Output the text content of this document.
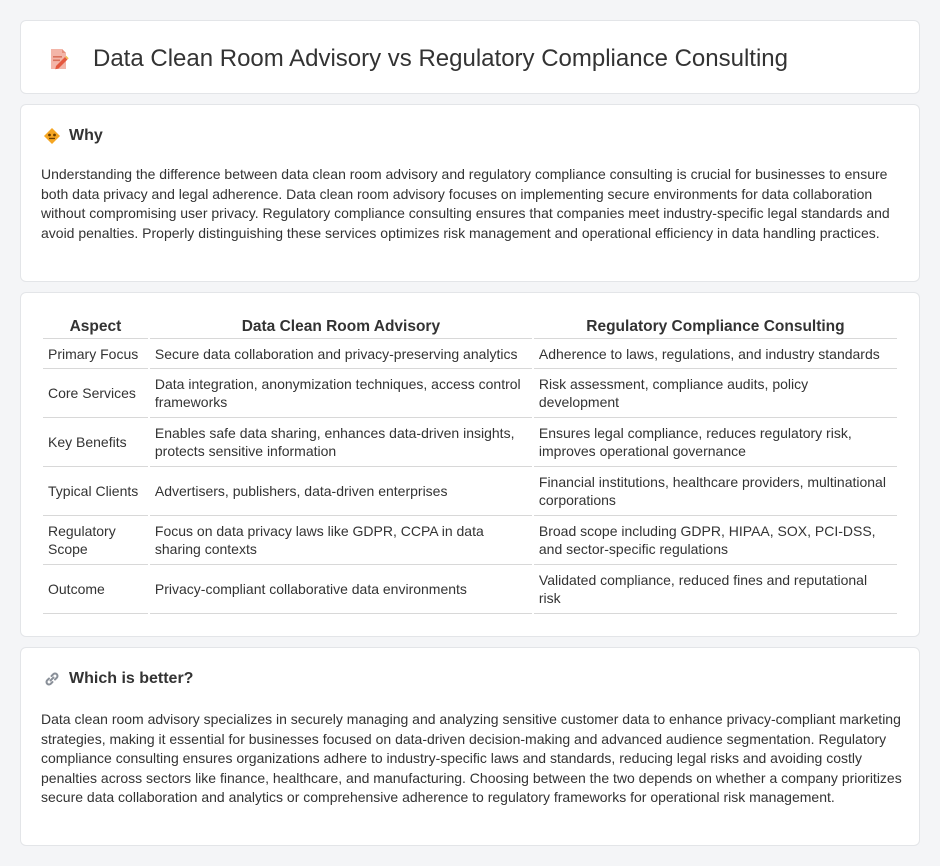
Data Clean Room Advisory vs Regulatory Compliance Consulting
Why

Understanding the difference between data clean room advisory and regulatory compliance consulting is crucial for businesses to ensure both data privacy and legal adherence. Data clean room advisory focuses on implementing secure environments for data collaboration without compromising user privacy. Regulatory compliance consulting ensures that companies meet industry-specific legal standards and avoid penalties. Properly distinguishing these services optimizes risk management and operational efficiency in data handling practices.

Aspect	Data Clean Room Advisory	Regulatory Compliance Consulting
Primary Focus	Secure data collaboration and privacy-preserving analytics	Adherence to laws, regulations, and industry standards
Core Services	Data integration, anonymization techniques, access control frameworks	Risk assessment, compliance audits, policy development
Key Benefits	Enables safe data sharing, enhances data-driven insights, protects sensitive information	Ensures legal compliance, reduces regulatory risk, improves operational governance
Typical Clients	Advertisers, publishers, data-driven enterprises	Financial institutions, healthcare providers, multinational corporations
Regulatory Scope	Focus on data privacy laws like GDPR, CCPA in data sharing contexts	Broad scope including GDPR, HIPAA, SOX, PCI-DSS, and sector-specific regulations
Outcome	Privacy-compliant collaborative data environments	Validated compliance, reduced fines and reputational risk
Which is better?

Data clean room advisory specializes in securely managing and analyzing sensitive customer data to enhance privacy-compliant marketing strategies, making it essential for businesses focused on data-driven decision-making and advanced audience segmentation. Regulatory compliance consulting ensures organizations adhere to industry-specific laws and standards, reducing legal risks and avoiding costly penalties across sectors like finance, healthcare, and manufacturing. Choosing between the two depends on whether a company prioritizes secure data collaboration and analytics or comprehensive adherence to regulatory frameworks for operational risk management.
